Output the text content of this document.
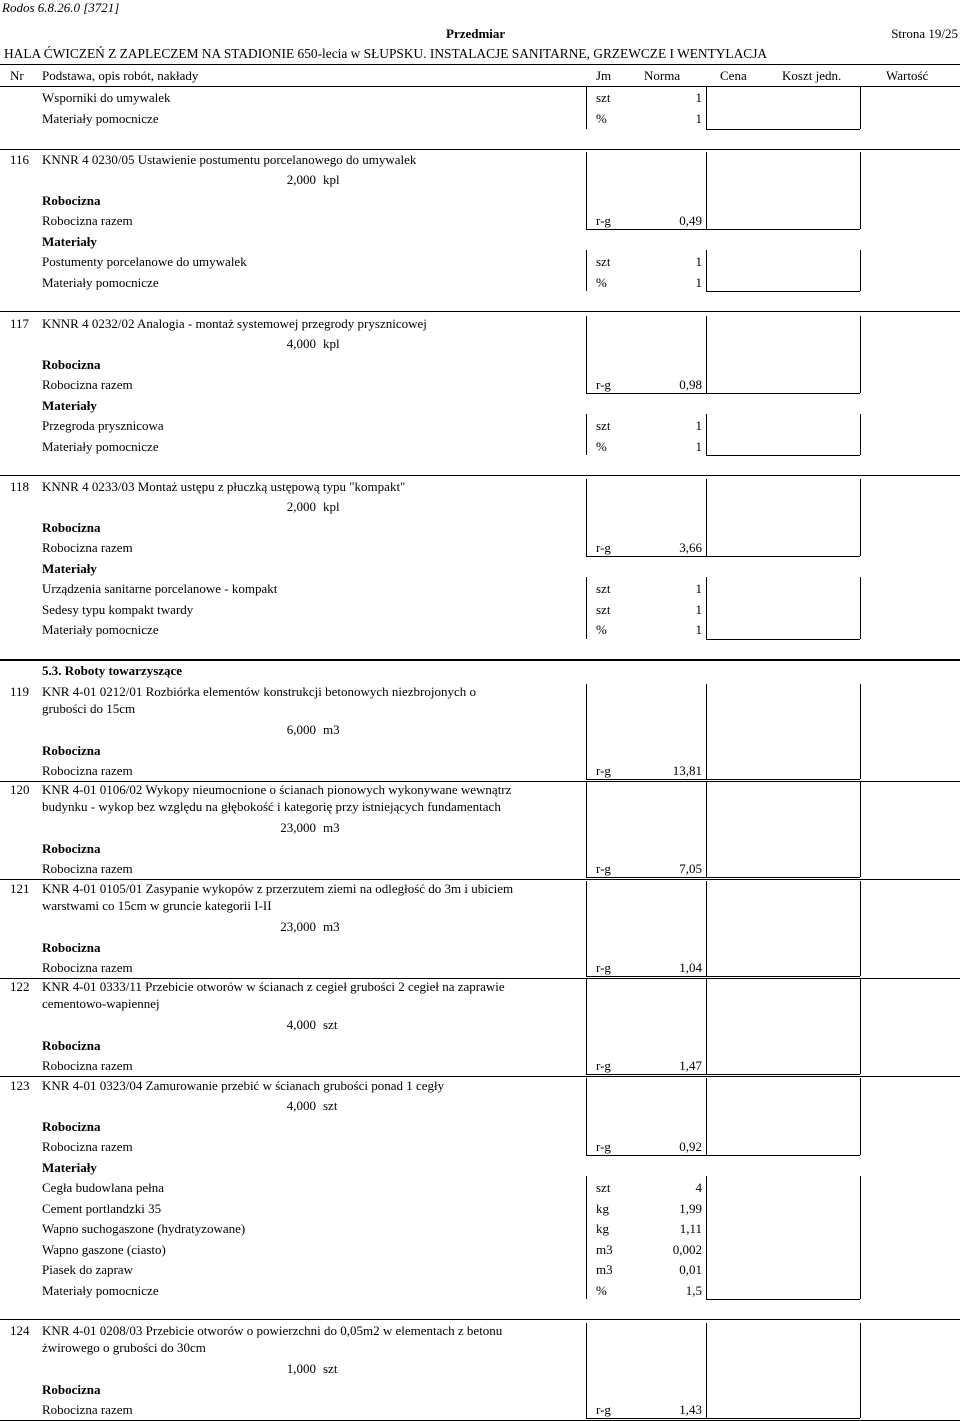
Rodos 6.8.26.0 [3721]
Przedmiar	Strona 19/25
HALA ĆWICZEŃ Z ZAPLECZEM NA STADIONIE 650-lecia w SŁUPSKU. INSTALACJE SANITARNE, GRZEWCZE I WENTYLACJA
Nr Podstawa, opis robót, nakłady	Jm	Norma	Cena	Koszt jedn.	Wartość
Wsporniki do umywalek	szt	1
Materiały pomocnicze	%	1
5.3. Roboty towarzyszące
116 KNNR 4 0230/05 Ustawienie postumentu porcelanowego do umywalek
2,000 kpl
Robocizna
Robocizna razem	r-g	0,49
Materiały
Postumenty porcelanowe do umywalek	szt	1
Materiały pomocnicze	%	1
117 KNNR 4 0232/02 Analogia - montaż systemowej przegrody prysznicowej
4,000 kpl
Robocizna
Robocizna razem	r-g	0,98
Materiały
Przegroda prysznicowa	szt	1
Materiały pomocnicze	%	1
118 KNNR 4 0233/03 Montaż ustępu z płuczką ustępową typu "kompakt"
2,000 kpl
Robocizna
Robocizna razem	r-g	3,66
Materiały
Urządzenia sanitarne porcelanowe - kompakt	szt	1
Sedesy typu kompakt twardy	szt	1
Materiały pomocnicze	%	1
119 KNR 4-01 0212/01 Rozbiórka elementów konstrukcji betonowych niezbrojonych o
grubości do 15cm
6,000 m3
Robocizna
Robocizna razem	r-g	13,81
120 KNR 4-01 0106/02 Wykopy nieumocnione o ścianach pionowych wykonywane wewnątrz
budynku - wykop bez względu na głębokość i kategorię przy istniejących fundamentach
23,000 m3
Robocizna
Robocizna razem	r-g	7,05
121 KNR 4-01 0105/01 Zasypanie wykopów z przerzutem ziemi na odległość do 3m i ubiciem
warstwami co 15cm w gruncie kategorii I-II
23,000 m3
Robocizna
Robocizna razem	r-g	1,04
122 KNR 4-01 0333/11 Przebicie otworów w ścianach z cegieł grubości 2 cegieł na zaprawie
cementowo-wapiennej
4,000 szt
Robocizna
Robocizna razem	r-g	1,47
123 KNR 4-01 0323/04 Zamurowanie przebić w ścianach grubości ponad 1 cegły
4,000 szt
Robocizna
Robocizna razem	r-g	0,92
Materiały
Cegła budowlana pełna	szt	4
Cement portlandzki 35	kg	1,99
Wapno suchogaszone (hydratyzowane)	kg	1,11
Wapno gaszone (ciasto)	m3	0,002
Piasek do zapraw	m3	0,01
Materiały pomocnicze	%	1,5
124 KNR 4-01 0208/03 Przebicie otworów o powierzchni do 0,05m2 w elementach z betonu
żwirowego o grubości do 30cm
1,000 szt
Robocizna
Robocizna razem	r-g	1,43
